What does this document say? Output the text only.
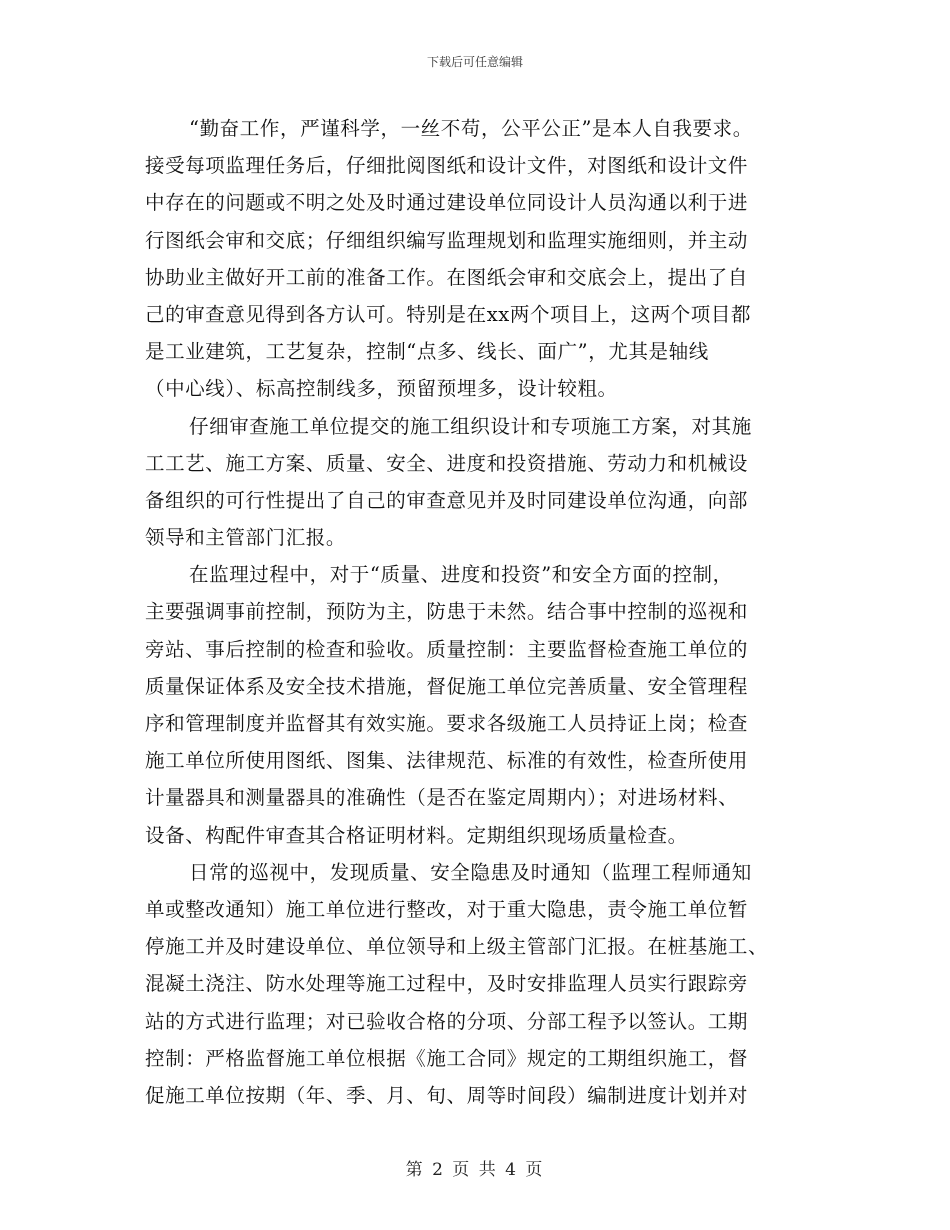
下载后可任意编辑
“勤奋工作，严谨科学，一丝不苟，公平公正”是本人自我要求。
接受每项监理任务后，仔细批阅图纸和设计文件，对图纸和设计文件
中存在的问题或不明之处及时通过建设单位同设计人员沟通以利于进
行图纸会审和交底；仔细组织编写监理规划和监理实施细则，并主动
协助业主做好开工前的准备工作。在图纸会审和交底会上，提出了自
己的审查意见得到各方认可。特别是在xx两个项目上，这两个项目都
是工业建筑，工艺复杂，控制“点多、线长、面广”，尤其是轴线
（中心线）、标高控制线多，预留预埋多，设计较粗。
仔细审查施工单位提交的施工组织设计和专项施工方案，对其施
工工艺、施工方案、质量、安全、进度和投资措施、劳动力和机械设
备组织的可行性提出了自己的审查意见并及时同建设单位沟通，向部
领导和主管部门汇报。
在监理过程中，对于“质量、进度和投资”和安全方面的控制，
主要强调事前控制，预防为主，防患于未然。结合事中控制的巡视和
旁站、事后控制的检查和验收。质量控制：主要监督检查施工单位的
质量保证体系及安全技术措施，督促施工单位完善质量、安全管理程
序和管理制度并监督其有效实施。要求各级施工人员持证上岗；检查
施工单位所使用图纸、图集、法律规范、标准的有效性，检查所使用
计量器具和测量器具的准确性（是否在鉴定周期内）；对进场材料、
设备、构配件审查其合格证明材料。定期组织现场质量检查。
日常的巡视中，发现质量、安全隐患及时通知（监理工程师通知
单或整改通知）施工单位进行整改，对于重大隐患，责令施工单位暂
停施工并及时建设单位、单位领导和上级主管部门汇报。在桩基施工、
混凝土浇注、防水处理等施工过程中，及时安排监理人员实行跟踪旁
站的方式进行监理；对已验收合格的分项、分部工程予以签认。工期
控制：严格监督施工单位根据《施工合同》规定的工期组织施工，督
促施工单位按期（年、季、月、旬、周等时间段）编制进度计划并对
第 2 页 共 4 页
